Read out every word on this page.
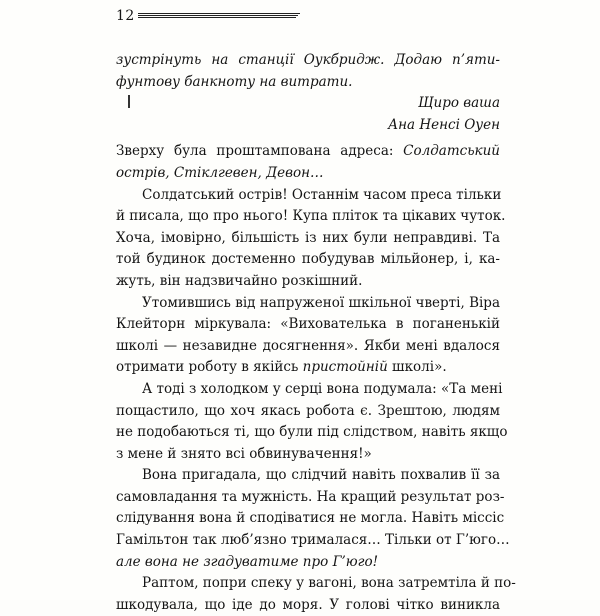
12
зустрінуть на станції Оукбридж. Додаю п’яти-
фунтову банкноту на витрати.
Щиро ваша
Ана Ненсі Оуен
Зверху була проштампована адреса: Солдатський
острів, Стіклгевен, Девон…
Солдатський острів! Останнім часом преса тільки
й писала, що про нього! Купа пліток та цікавих чуток.
Хоча, імовірно, більшість із них були неправдиві. Та
той будинок достеменно побудував мільйонер, і, ка-
жуть, він надзвичайно розкішний.
Утомившись від напруженої шкільної чверті, Віра
Клейторн міркувала: «Вихователька в поганенькій
школі — незавидне досягнення». Якби мені вдалося
отримати роботу в якійсь пристойній школі».
А тоді з холодком у серці вона подумала: «Та мені
пощастило, що хоч якась робота є. Зрештою, людям
не подобаються ті, що були під слідством, навіть якщо
з мене й знято всі обвинувачення!»
Вона пригадала, що слідчий навіть похвалив її за
самовладання та мужність. На кращий результат роз-
слідування вона й сподіватися не могла. Навіть міссіс
Гамільтон так люб’язно трималася… Тільки от Г’юго…
але вона не згадуватиме про Г’юго!
Раптом, попри спеку у вагоні, вона затремтіла й по-
шкодувала, що іде до моря. У голові чітко виникла
